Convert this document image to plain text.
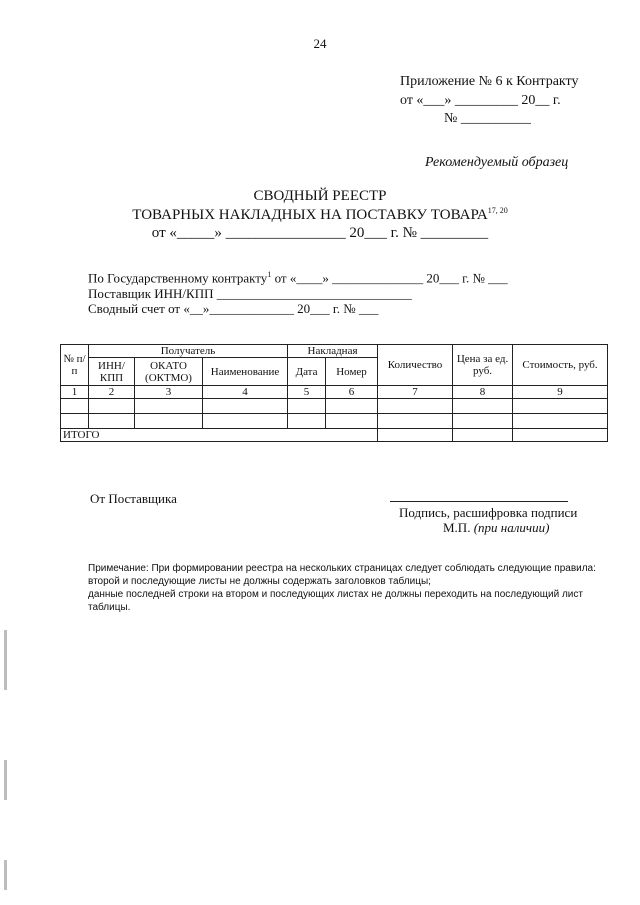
24
Приложение № 6 к Контракту
от «___» _________ 20__ г.
№ __________
Рекомендуемый образец
СВОДНЫЙ РЕЕСТР
ТОВАРНЫХ НАКЛАДНЫХ НА ПОСТАВКУ ТОВАРА$^{17, 20}$
от «_____» ________________ 20___ г. № _________
По Государственному контракту$^1$ от «____» ______________ 20___ г. № ___
Поставщик ИНН/КПП ______________________________
Сводный счет от «__»_____________ 20___ г. № ___
№ п/п	Получатель			Накладная		Количество	Цена за ед. руб.	Стоимость, руб.
	ИНН/ КПП	ОКАТО (ОКТМО)	Наименование	Дата	Номер			
1	2	3	4	5	6	7	8	9

ИТОГО								
От Поставщика
Подпись, расшифровка подписи
М.П. (при наличии)
Примечание: При формировании реестра на нескольких страницах следует соблюдать следующие правила:
второй и последующие листы не должны содержать заголовков таблицы;
данные последней строки на втором и последующих листах не должны переходить на последующий лист таблицы.
